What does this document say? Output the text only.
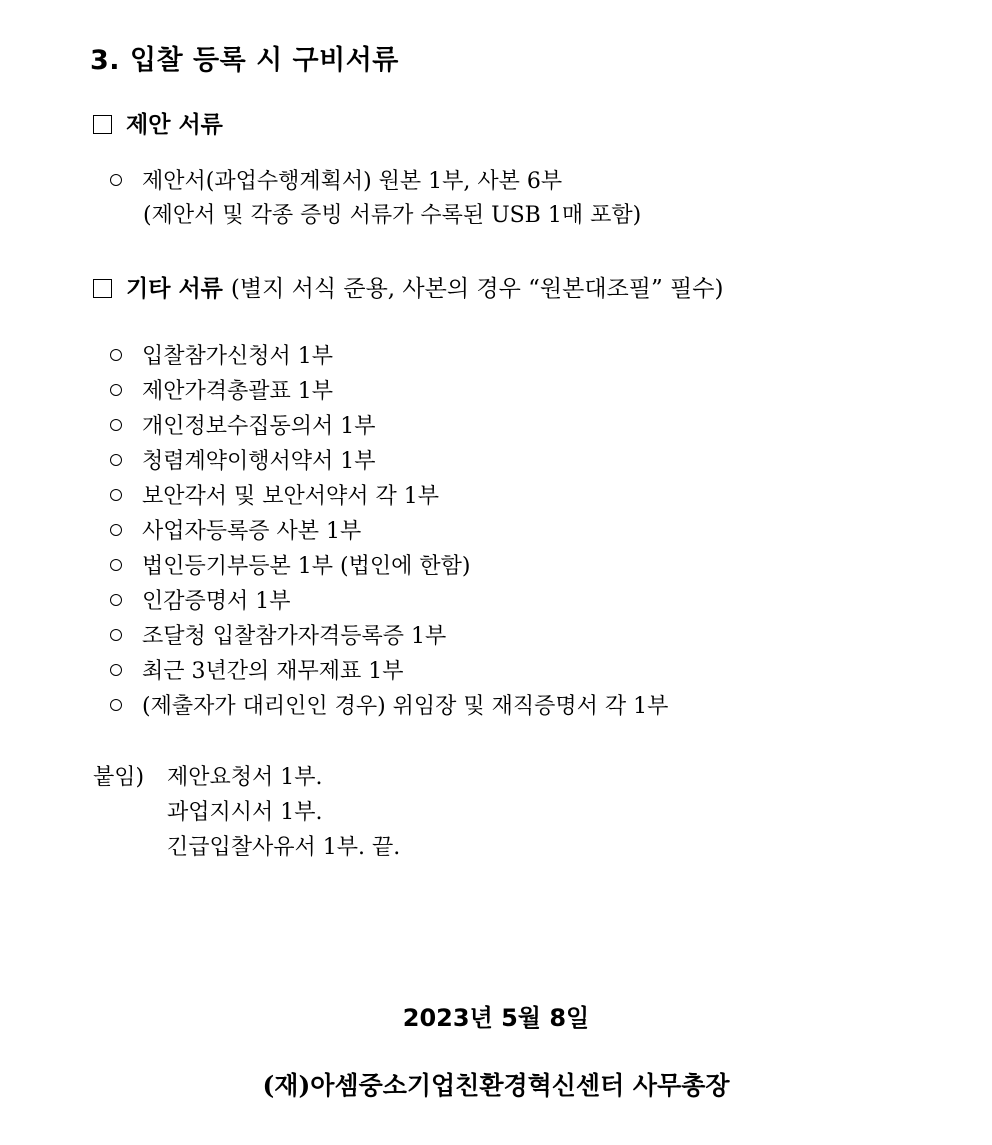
3. 입찰 등록 시 구비서류
제안 서류
제안서(과업수행계획서) 원본 1부, 사본 6부
(제안서 및 각종 증빙 서류가 수록된 USB 1매 포함)
기타 서류 (별지 서식 준용, 사본의 경우 “원본대조필” 필수)
입찰참가신청서 1부
제안가격총괄표 1부
개인정보수집동의서 1부
청렴계약이행서약서 1부
보안각서 및 보안서약서 각 1부
사업자등록증 사본 1부
법인등기부등본 1부 (법인에 한함)
인감증명서 1부
조달청 입찰참가자격등록증 1부
최근 3년간의 재무제표 1부
(제출자가 대리인인 경우) 위임장 및 재직증명서 각 1부
붙임) 제안요청서 1부.
과업지시서 1부.
긴급입찰사유서 1부. 끝.
2023년 5월 8일
(재)아셈중소기업친환경혁신센터 사무총장
